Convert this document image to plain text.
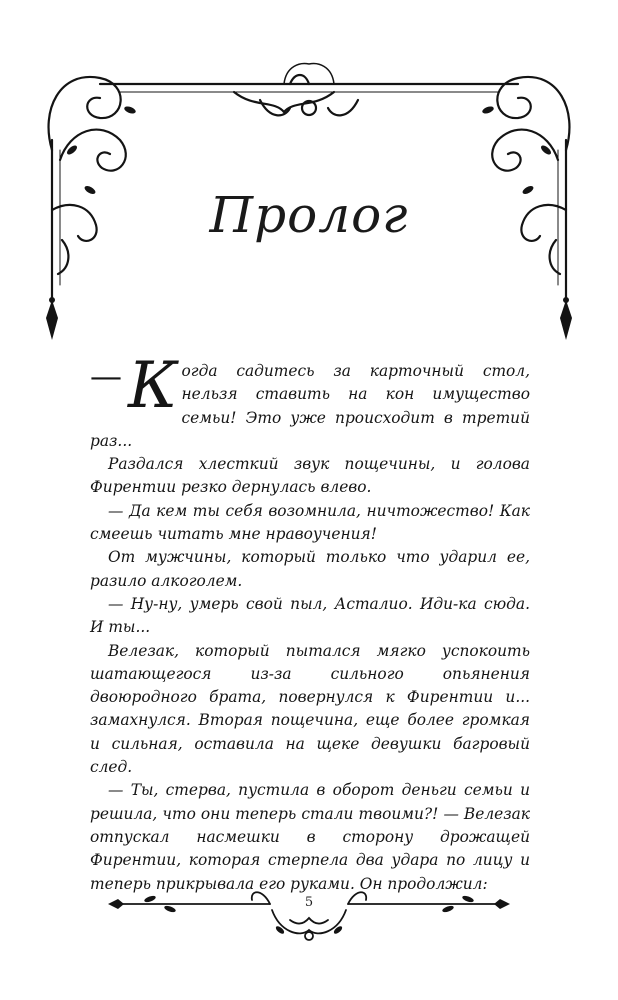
Пролог

— К огда садитесь за карточный стол, нельзя ставить на кон имущество семьи! Это уже происходит в третий раз...

Раздался хлесткий звук пощечины, и голова Фирентии резко дернулась влево.

— Да кем ты себя возомнила, ничтожество! Как смеешь читать мне нравоучения!

От мужчины, который только что ударил ее, разило алкоголем.

— Ну-ну, умерь свой пыл, Асталио. Иди-ка сюда. И ты...

Велезак, который пытался мягко успокоить шатающегося из-за сильного опьянения двоюродного брата, повернулся к Фирентии и... замахнулся. Вторая пощечина, еще более громкая и сильная, оставила на щеке девушки багровый след.

— Ты, стерва, пустила в оборот деньги семьи и решила, что они теперь стали твоими?! — Велезак отпускал насмешки в сторону дрожащей Фирентии, которая стерпела два удара по лицу и теперь прикрывала его руками. Он продолжил:

5
